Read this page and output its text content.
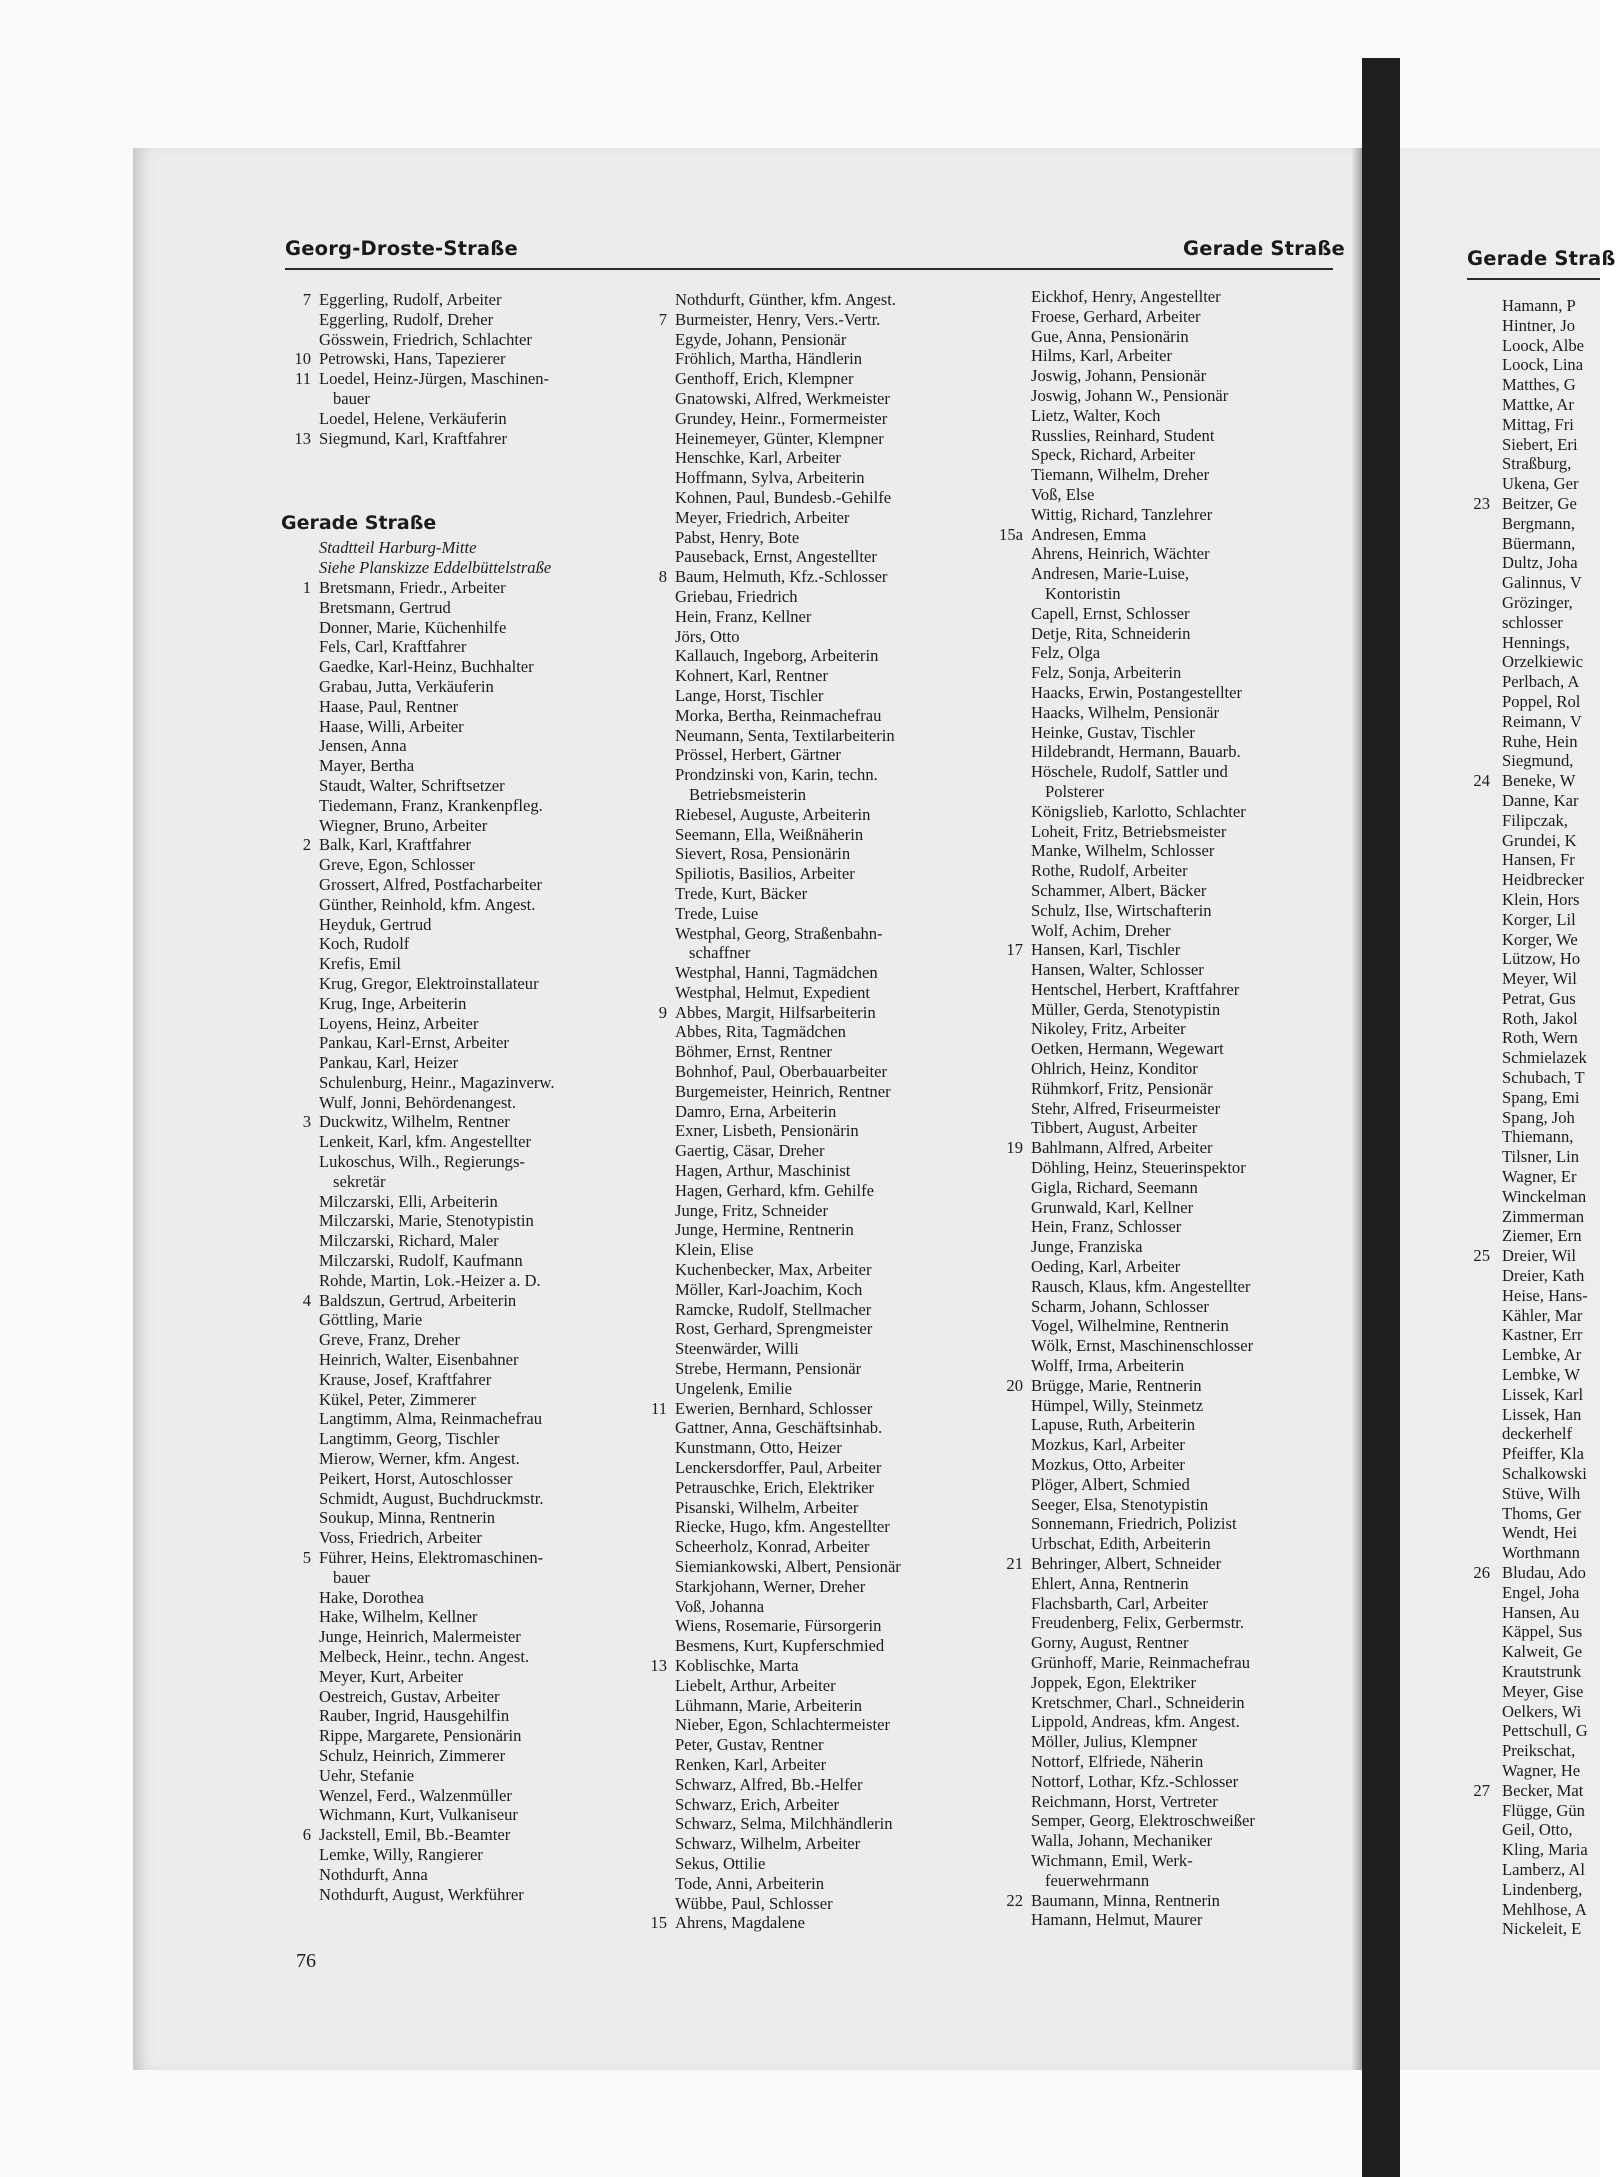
Georg-Droste-Straße	Gerade Straße	Gerade Straß
7 Eggerling, Rudolf, Arbeiter
Eggerling, Rudolf, Dreher
Gösswein, Friedrich, Schlachter
10 Petrowski, Hans, Tapezierer
11 Loedel, Heinz-Jürgen, Maschinen-
bauer
Loedel, Helene, Verkäuferin
13 Siegmund, Karl, Kraftfahrer
Gerade Straße
Stadtteil Harburg-Mitte
Siehe Planskizze Eddelbüttelstraße
1 Bretsmann, Friedr., Arbeiter
Bretsmann, Gertrud
Donner, Marie, Küchenhilfe
Fels, Carl, Kraftfahrer
Gaedke, Karl-Heinz, Buchhalter
Grabau, Jutta, Verkäuferin
Haase, Paul, Rentner
Haase, Willi, Arbeiter
Jensen, Anna
Mayer, Bertha
Staudt, Walter, Schriftsetzer
Tiedemann, Franz, Krankenpfleg.
Wiegner, Bruno, Arbeiter
2 Balk, Karl, Kraftfahrer
Greve, Egon, Schlosser
Grossert, Alfred, Postfacharbeiter
Günther, Reinhold, kfm. Angest.
Heyduk, Gertrud
Koch, Rudolf
Krefis, Emil
Krug, Gregor, Elektroinstallateur
Krug, Inge, Arbeiterin
Loyens, Heinz, Arbeiter
Pankau, Karl-Ernst, Arbeiter
Pankau, Karl, Heizer
Schulenburg, Heinr., Magazinverw.
Wulf, Jonni, Behördenangest.
3 Duckwitz, Wilhelm, Rentner
Lenkeit, Karl, kfm. Angestellter
Lukoschus, Wilh., Regierungs-
sekretär
Milczarski, Elli, Arbeiterin
Milczarski, Marie, Stenotypistin
Milczarski, Richard, Maler
Milczarski, Rudolf, Kaufmann
Rohde, Martin, Lok.-Heizer a. D.
4 Baldszun, Gertrud, Arbeiterin
Göttling, Marie
Greve, Franz, Dreher
Heinrich, Walter, Eisenbahner
Krause, Josef, Kraftfahrer
Kükel, Peter, Zimmerer
Langtimm, Alma, Reinmachefrau
Langtimm, Georg, Tischler
Mierow, Werner, kfm. Angest.
Peikert, Horst, Autoschlosser
Schmidt, August, Buchdruckmstr.
Soukup, Minna, Rentnerin
Voss, Friedrich, Arbeiter
5 Führer, Heins, Elektromaschinen-
bauer
Hake, Dorothea
Hake, Wilhelm, Kellner
Junge, Heinrich, Malermeister
Melbeck, Heinr., techn. Angest.
Meyer, Kurt, Arbeiter
Oestreich, Gustav, Arbeiter
Rauber, Ingrid, Hausgehilfin
Rippe, Margarete, Pensionärin
Schulz, Heinrich, Zimmerer
Uehr, Stefanie
Wenzel, Ferd., Walzenmüller
Wichmann, Kurt, Vulkaniseur
6 Jackstell, Emil, Bb.-Beamter
Lemke, Willy, Rangierer
Nothdurft, Anna
Nothdurft, August, Werkführer
Nothdurft, Günther, kfm. Angest.
7 Burmeister, Henry, Vers.-Vertr.
Egyde, Johann, Pensionär
Fröhlich, Martha, Händlerin
Genthoff, Erich, Klempner
Gnatowski, Alfred, Werkmeister
Grundey, Heinr., Formermeister
Heinemeyer, Günter, Klempner
Henschke, Karl, Arbeiter
Hoffmann, Sylva, Arbeiterin
Kohnen, Paul, Bundesb.-Gehilfe
Meyer, Friedrich, Arbeiter
Pabst, Henry, Bote
Pauseback, Ernst, Angestellter
8 Baum, Helmuth, Kfz.-Schlosser
Griebau, Friedrich
Hein, Franz, Kellner
Jörs, Otto
Kallauch, Ingeborg, Arbeiterin
Kohnert, Karl, Rentner
Lange, Horst, Tischler
Morka, Bertha, Reinmachefrau
Neumann, Senta, Textilarbeiterin
Prössel, Herbert, Gärtner
Prondzinski von, Karin, techn.
Betriebsmeisterin
Riebesel, Auguste, Arbeiterin
Seemann, Ella, Weißnäherin
Sievert, Rosa, Pensionärin
Spiliotis, Basilios, Arbeiter
Trede, Kurt, Bäcker
Trede, Luise
Westphal, Georg, Straßenbahn-
schaffner
Westphal, Hanni, Tagmädchen
Westphal, Helmut, Expedient
9 Abbes, Margit, Hilfsarbeiterin
Abbes, Rita, Tagmädchen
Böhmer, Ernst, Rentner
Bohnhof, Paul, Oberbauarbeiter
Burgemeister, Heinrich, Rentner
Damro, Erna, Arbeiterin
Exner, Lisbeth, Pensionärin
Gaertig, Cäsar, Dreher
Hagen, Arthur, Maschinist
Hagen, Gerhard, kfm. Gehilfe
Junge, Fritz, Schneider
Junge, Hermine, Rentnerin
Klein, Elise
Kuchenbecker, Max, Arbeiter
Möller, Karl-Joachim, Koch
Ramcke, Rudolf, Stellmacher
Rost, Gerhard, Sprengmeister
Steenwärder, Willi
Strebe, Hermann, Pensionär
Ungelenk, Emilie
11 Ewerien, Bernhard, Schlosser
Gattner, Anna, Geschäftsinhab.
Kunstmann, Otto, Heizer
Lenckersdorffer, Paul, Arbeiter
Petrauschke, Erich, Elektriker
Pisanski, Wilhelm, Arbeiter
Riecke, Hugo, kfm. Angestellter
Scheerholz, Konrad, Arbeiter
Siemiankowski, Albert, Pensionär
Starkjohann, Werner, Dreher
Voß, Johanna
Wiens, Rosemarie, Fürsorgerin
Besmens, Kurt, Kupferschmied
13 Koblischke, Marta
Liebelt, Arthur, Arbeiter
Lühmann, Marie, Arbeiterin
Nieber, Egon, Schlachtermeister
Peter, Gustav, Rentner
Renken, Karl, Arbeiter
Schwarz, Alfred, Bb.-Helfer
Schwarz, Erich, Arbeiter
Schwarz, Selma, Milchhändlerin
Schwarz, Wilhelm, Arbeiter
Sekus, Ottilie
Tode, Anni, Arbeiterin
Wübbe, Paul, Schlosser
15 Ahrens, Magdalene
Eickhof, Henry, Angestellter
Froese, Gerhard, Arbeiter
Gue, Anna, Pensionärin
Hilms, Karl, Arbeiter
Joswig, Johann, Pensionär
Joswig, Johann W., Pensionär
Lietz, Walter, Koch
Russlies, Reinhard, Student
Speck, Richard, Arbeiter
Tiemann, Wilhelm, Dreher
Voß, Else
Wittig, Richard, Tanzlehrer
15a Andresen, Emma
Ahrens, Heinrich, Wächter
Andresen, Marie-Luise,
Kontoristin
Capell, Ernst, Schlosser
Detje, Rita, Schneiderin
Felz, Olga
Felz, Sonja, Arbeiterin
Haacks, Erwin, Postangestellter
Haacks, Wilhelm, Pensionär
Heinke, Gustav, Tischler
Hildebrandt, Hermann, Bauarb.
Höschele, Rudolf, Sattler und
Polsterer
Königslieb, Karlotto, Schlachter
Loheit, Fritz, Betriebsmeister
Manke, Wilhelm, Schlosser
Rothe, Rudolf, Arbeiter
Schammer, Albert, Bäcker
Schulz, Ilse, Wirtschafterin
Wolf, Achim, Dreher
17 Hansen, Karl, Tischler
Hansen, Walter, Schlosser
Hentschel, Herbert, Kraftfahrer
Müller, Gerda, Stenotypistin
Nikoley, Fritz, Arbeiter
Oetken, Hermann, Wegewart
Ohlrich, Heinz, Konditor
Rühmkorf, Fritz, Pensionär
Stehr, Alfred, Friseurmeister
Tibbert, August, Arbeiter
19 Bahlmann, Alfred, Arbeiter
Döhling, Heinz, Steuerinspektor
Gigla, Richard, Seemann
Grunwald, Karl, Kellner
Hein, Franz, Schlosser
Junge, Franziska
Oeding, Karl, Arbeiter
Rausch, Klaus, kfm. Angestellter
Scharm, Johann, Schlosser
Vogel, Wilhelmine, Rentnerin
Wölk, Ernst, Maschinenschlosser
Wolff, Irma, Arbeiterin
20 Brügge, Marie, Rentnerin
Hümpel, Willy, Steinmetz
Lapuse, Ruth, Arbeiterin
Mozkus, Karl, Arbeiter
Mozkus, Otto, Arbeiter
Plöger, Albert, Schmied
Seeger, Elsa, Stenotypistin
Sonnemann, Friedrich, Polizist
Urbschat, Edith, Arbeiterin
21 Behringer, Albert, Schneider
Ehlert, Anna, Rentnerin
Flachsbarth, Carl, Arbeiter
Freudenberg, Felix, Gerbermstr.
Gorny, August, Rentner
Grünhoff, Marie, Reinmachefrau
Joppek, Egon, Elektriker
Kretschmer, Charl., Schneiderin
Lippold, Andreas, kfm. Angest.
Möller, Julius, Klempner
Nottorf, Elfriede, Näherin
Nottorf, Lothar, Kfz.-Schlosser
Reichmann, Horst, Vertreter
Semper, Georg, Elektroschweißer
Walla, Johann, Mechaniker
Wichmann, Emil, Werk-
feuerwehrmann
22 Baumann, Minna, Rentnerin
Hamann, Helmut, Maurer
Hamann, P
Hintner, Jo
Loock, Albe
Loock, Lina
Matthes, G
Mattke, Ar
Mittag, Fri
Siebert, Eri
Straßburg,
Ukena, Ger
23 Beitzer, Ge
Bergmann,
Büermann,
Dultz, Joha
Galinnus, V
Grözinger,
schlosser
Hennings,
Orzelkiewic
Perlbach, A
Poppel, Rol
Reimann, V
Ruhe, Hein
Siegmund,
24 Beneke, W
Danne, Kar
Filipczak,
Grundei, K
Hansen, Fr
Heidbrecker
Klein, Hors
Korger, Lil
Korger, We
Lützow, Ho
Meyer, Wil
Petrat, Gus
Roth, Jakol
Roth, Wern
Schmielazek
Schubach, T
Spang, Emi
Spang, Joh
Thiemann,
Tilsner, Lin
Wagner, Er
Winckelman
Zimmerman
Ziemer, Ern
25 Dreier, Wil
Dreier, Kath
Heise, Hans-
Kähler, Mar
Kastner, Err
Lembke, Ar
Lembke, W
Lissek, Karl
Lissek, Han
deckerhelf
Pfeiffer, Kla
Schalkowski
Stüve, Wilh
Thoms, Ger
Wendt, Hei
Worthmann
26 Bludau, Ado
Engel, Joha
Hansen, Au
Käppel, Sus
Kalweit, Ge
Krautstrunk
Meyer, Gise
Oelkers, Wi
Pettschull, G
Preikschat,
Wagner, He
27 Becker, Mat
Flügge, Gün
Geil, Otto,
Kling, Maria
Lamberz, Al
Lindenberg,
Mehlhose, A
Nickeleit, E
76
